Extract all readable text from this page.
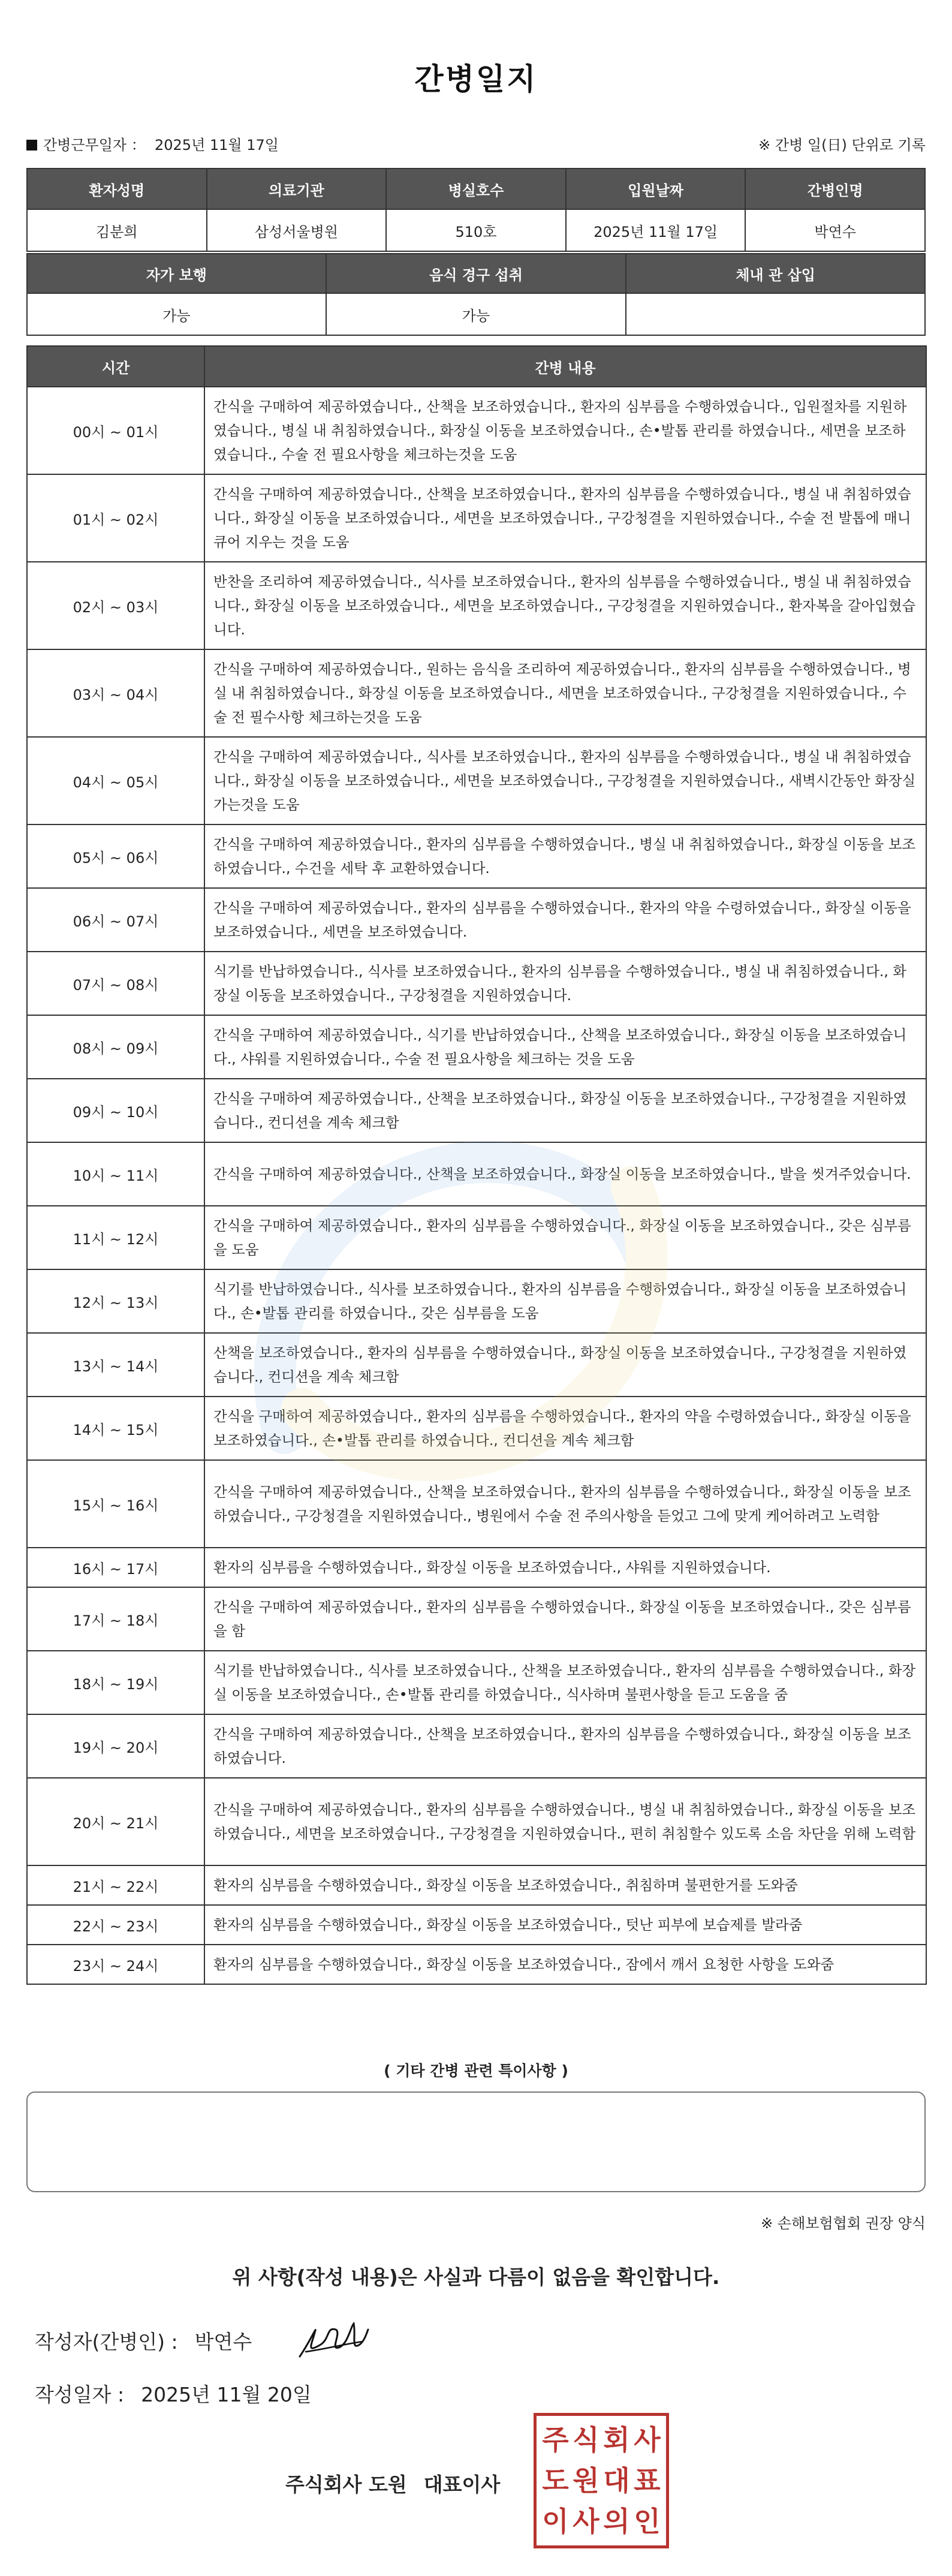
간병일지
간병근무일자 ： 2025년 11월 17일	※ 간병 일(日) 단위로 기록
환자성명	의료기관	병실호수	입원날짜	간병인명
김분희	삼성서울병원	510호	2025년 11월 17일	박연수
자가 보행	음식 경구 섭취	체내 관 삽입
가능	가능	
시간	간병 내용
00시 ~ 01시	간식을 구매하여 제공하였습니다., 산책을 보조하였습니다., 환자의 심부름을 수행하였습니다., 입원절차를 지원하였습니다., 병실 내 취침하였습니다., 화장실 이동을 보조하였습니다., 손•발톱 관리를 하였습니다., 세면을 보조하였습니다., 수술 전 필요사항을 체크하는것을 도움
01시 ~ 02시	간식을 구매하여 제공하였습니다., 산책을 보조하였습니다., 환자의 심부름을 수행하였습니다., 병실 내 취침하였습니다., 화장실 이동을 보조하였습니다., 세면을 보조하였습니다., 구강청결을 지원하였습니다., 수술 전 발톱에 매니큐어 지우는 것을 도움
02시 ~ 03시	반찬을 조리하여 제공하였습니다., 식사를 보조하였습니다., 환자의 심부름을 수행하였습니다., 병실 내 취침하였습니다., 화장실 이동을 보조하였습니다., 세면을 보조하였습니다., 구강청결을 지원하였습니다., 환자복을 갈아입혔습니다.
03시 ~ 04시	간식을 구매하여 제공하였습니다., 원하는 음식을 조리하여 제공하였습니다., 환자의 심부름을 수행하였습니다., 병실 내 취침하였습니다., 화장실 이동을 보조하였습니다., 세면을 보조하였습니다., 구강청결을 지원하였습니다., 수술 전 필수사항 체크하는것을 도움
04시 ~ 05시	간식을 구매하여 제공하였습니다., 식사를 보조하였습니다., 환자의 심부름을 수행하였습니다., 병실 내 취침하였습니다., 화장실 이동을 보조하였습니다., 세면을 보조하였습니다., 구강청결을 지원하였습니다., 새벽시간동안 화장실 가는것을 도움
05시 ~ 06시	간식을 구매하여 제공하였습니다., 환자의 심부름을 수행하였습니다., 병실 내 취침하였습니다., 화장실 이동을 보조하였습니다., 수건을 세탁 후 교환하였습니다.
06시 ~ 07시	간식을 구매하여 제공하였습니다., 환자의 심부름을 수행하였습니다., 환자의 약을 수령하였습니다., 화장실 이동을 보조하였습니다., 세면을 보조하였습니다.
07시 ~ 08시	식기를 반납하였습니다., 식사를 보조하였습니다., 환자의 심부름을 수행하였습니다., 병실 내 취침하였습니다., 화장실 이동을 보조하였습니다., 구강청결을 지원하였습니다.
08시 ~ 09시	간식을 구매하여 제공하였습니다., 식기를 반납하였습니다., 산책을 보조하였습니다., 화장실 이동을 보조하였습니다., 샤워를 지원하였습니다., 수술 전 필요사항을 체크하는 것을 도움
09시 ~ 10시	간식을 구매하여 제공하였습니다., 산책을 보조하였습니다., 화장실 이동을 보조하였습니다., 구강청결을 지원하였습니다., 컨디션을 계속 체크함
10시 ~ 11시	간식을 구매하여 제공하였습니다., 산책을 보조하였습니다., 화장실 이동을 보조하였습니다., 발을 씻겨주었습니다.
11시 ~ 12시	간식을 구매하여 제공하였습니다., 환자의 심부름을 수행하였습니다., 화장실 이동을 보조하였습니다., 갖은 심부름을 도움
12시 ~ 13시	식기를 반납하였습니다., 식사를 보조하였습니다., 환자의 심부름을 수행하였습니다., 화장실 이동을 보조하였습니다., 손•발톱 관리를 하였습니다., 갖은 심부름을 도움
13시 ~ 14시	산책을 보조하였습니다., 환자의 심부름을 수행하였습니다., 화장실 이동을 보조하였습니다., 구강청결을 지원하였습니다., 컨디션을 계속 체크함
14시 ~ 15시	간식을 구매하여 제공하였습니다., 환자의 심부름을 수행하였습니다., 환자의 약을 수령하였습니다., 화장실 이동을 보조하였습니다., 손•발톱 관리를 하였습니다., 컨디션을 계속 체크함
15시 ~ 16시	간식을 구매하여 제공하였습니다., 산책을 보조하였습니다., 환자의 심부름을 수행하였습니다., 화장실 이동을 보조하였습니다., 구강청결을 지원하였습니다., 병원에서 수술 전 주의사항을 듣었고 그에 맞게 케어하려고 노력함
16시 ~ 17시	환자의 심부름을 수행하였습니다., 화장실 이동을 보조하였습니다., 샤워를 지원하였습니다.
17시 ~ 18시	간식을 구매하여 제공하였습니다., 환자의 심부름을 수행하였습니다., 화장실 이동을 보조하였습니다., 갖은 심부름을 함
18시 ~ 19시	식기를 반납하였습니다., 식사를 보조하였습니다., 산책을 보조하였습니다., 환자의 심부름을 수행하였습니다., 화장실 이동을 보조하였습니다., 손•발톱 관리를 하였습니다., 식사하며 불편사항을 듣고 도움을 줌
19시 ~ 20시	간식을 구매하여 제공하였습니다., 산책을 보조하였습니다., 환자의 심부름을 수행하였습니다., 화장실 이동을 보조하였습니다.
20시 ~ 21시	간식을 구매하여 제공하였습니다., 환자의 심부름을 수행하였습니다., 병실 내 취침하였습니다., 화장실 이동을 보조하였습니다., 세면을 보조하였습니다., 구강청결을 지원하였습니다., 편히 취침할수 있도록 소음 차단을 위해 노력함
21시 ~ 22시	환자의 심부름을 수행하였습니다., 화장실 이동을 보조하였습니다., 취침하며 불편한거를 도와줌
22시 ~ 23시	환자의 심부름을 수행하였습니다., 화장실 이동을 보조하였습니다., 텃난 피부에 보습제를 발라줌
23시 ~ 24시	환자의 심부름을 수행하였습니다., 화장실 이동을 보조하였습니다., 잠에서 깨서 요청한 사항을 도와줌
( 기타 간병 관련 특이사항 )
※ 손해보험협회 권장 양식
위 사항(작성 내용)은 사실과 다름이 없음을 확인합니다.
작성자(간병인) : 박연수
작성일자 : 2025년 11월 20일
주식회사 도원 대표이사
주 식 회 사
도 원 대 표
이 사 의 인
